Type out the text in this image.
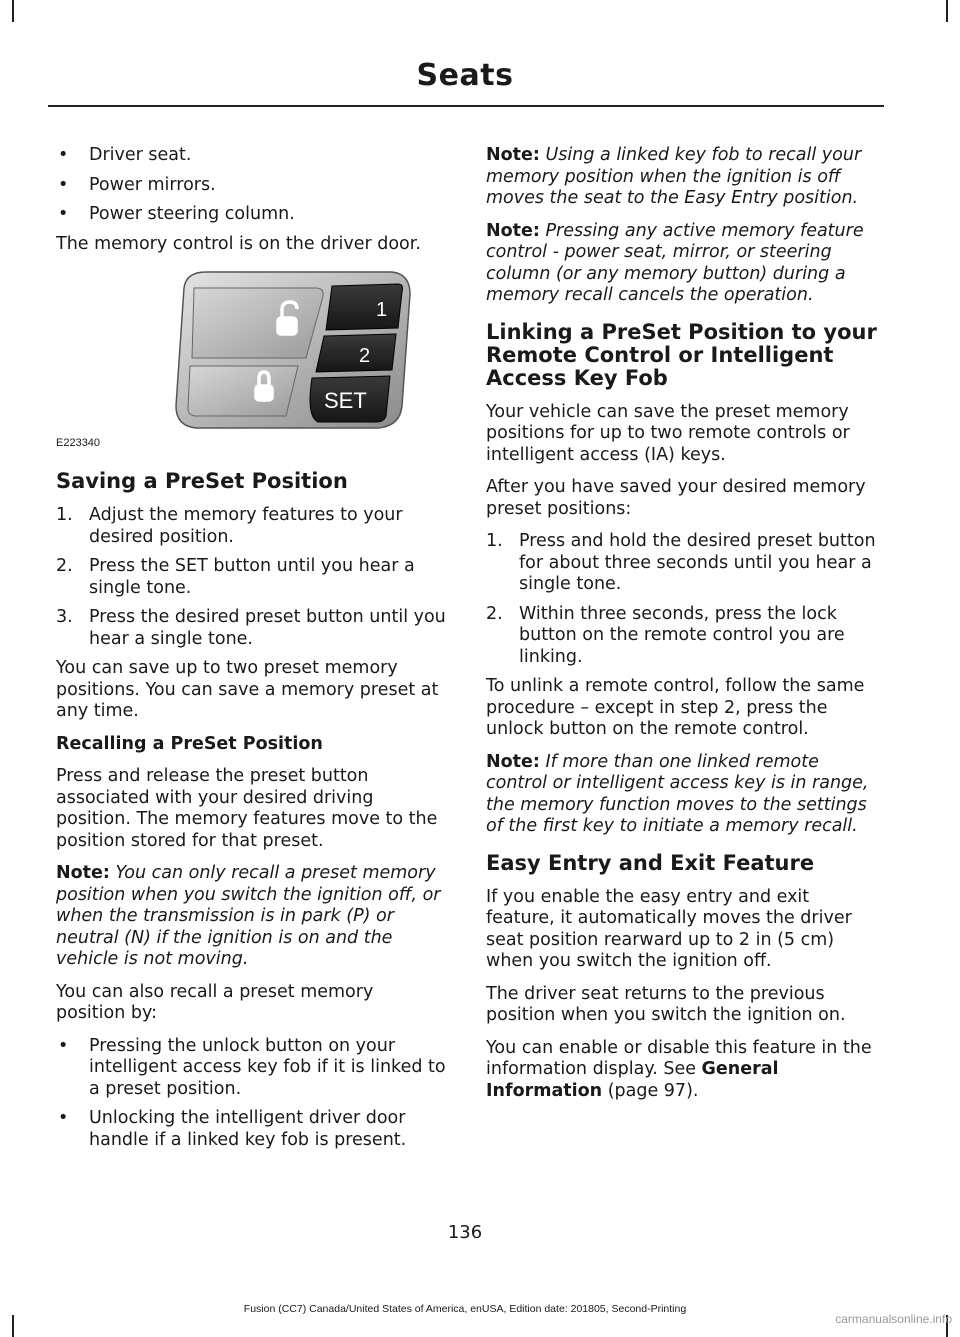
Seats
• Driver seat.
• Power mirrors.
• Power steering column.

The memory control is on the driver door.

1
2
SET
E223340
Saving a PreSet Position
1. Adjust the memory features to your desired position.
2. Press the SET button until you hear a single tone.
3. Press the desired preset button until you hear a single tone.

You can save up to two preset memory positions. You can save a memory preset at any time.

Recalling a PreSet Position

Press and release the preset button associated with your desired driving position. The memory features move to the position stored for that preset.

Note: You can only recall a preset memory position when you switch the ignition off, or when the transmission is in park (P) or neutral (N) if the ignition is on and the vehicle is not moving.

You can also recall a preset memory position by:

• Pressing the unlock button on your intelligent access key fob if it is linked to a preset position.
• Unlocking the intelligent driver door handle if a linked key fob is present.

Note: Using a linked key fob to recall your memory position when the ignition is off moves the seat to the Easy Entry position.

Note: Pressing any active memory feature control - power seat, mirror, or steering column (or any memory button) during a memory recall cancels the operation.

Linking a PreSet Position to your Remote Control or Intelligent Access Key Fob

Your vehicle can save the preset memory positions for up to two remote controls or intelligent access (IA) keys.

After you have saved your desired memory preset positions:

1. Press and hold the desired preset button for about three seconds until you hear a single tone.
2. Within three seconds, press the lock button on the remote control you are linking.

To unlink a remote control, follow the same procedure – except in step 2, press the unlock button on the remote control.

Note: If more than one linked remote control or intelligent access key is in range, the memory function moves to the settings of the first key to initiate a memory recall.

Easy Entry and Exit Feature

If you enable the easy entry and exit feature, it automatically moves the driver seat position rearward up to 2 in (5 cm) when you switch the ignition off.

The driver seat returns to the previous position when you switch the ignition on.

You can enable or disable this feature in the information display. See General Information (page 97).

136
Fusion (CC7) Canada/United States of America, enUSA, Edition date: 201805, Second-Printing
carmanualsonline.info
